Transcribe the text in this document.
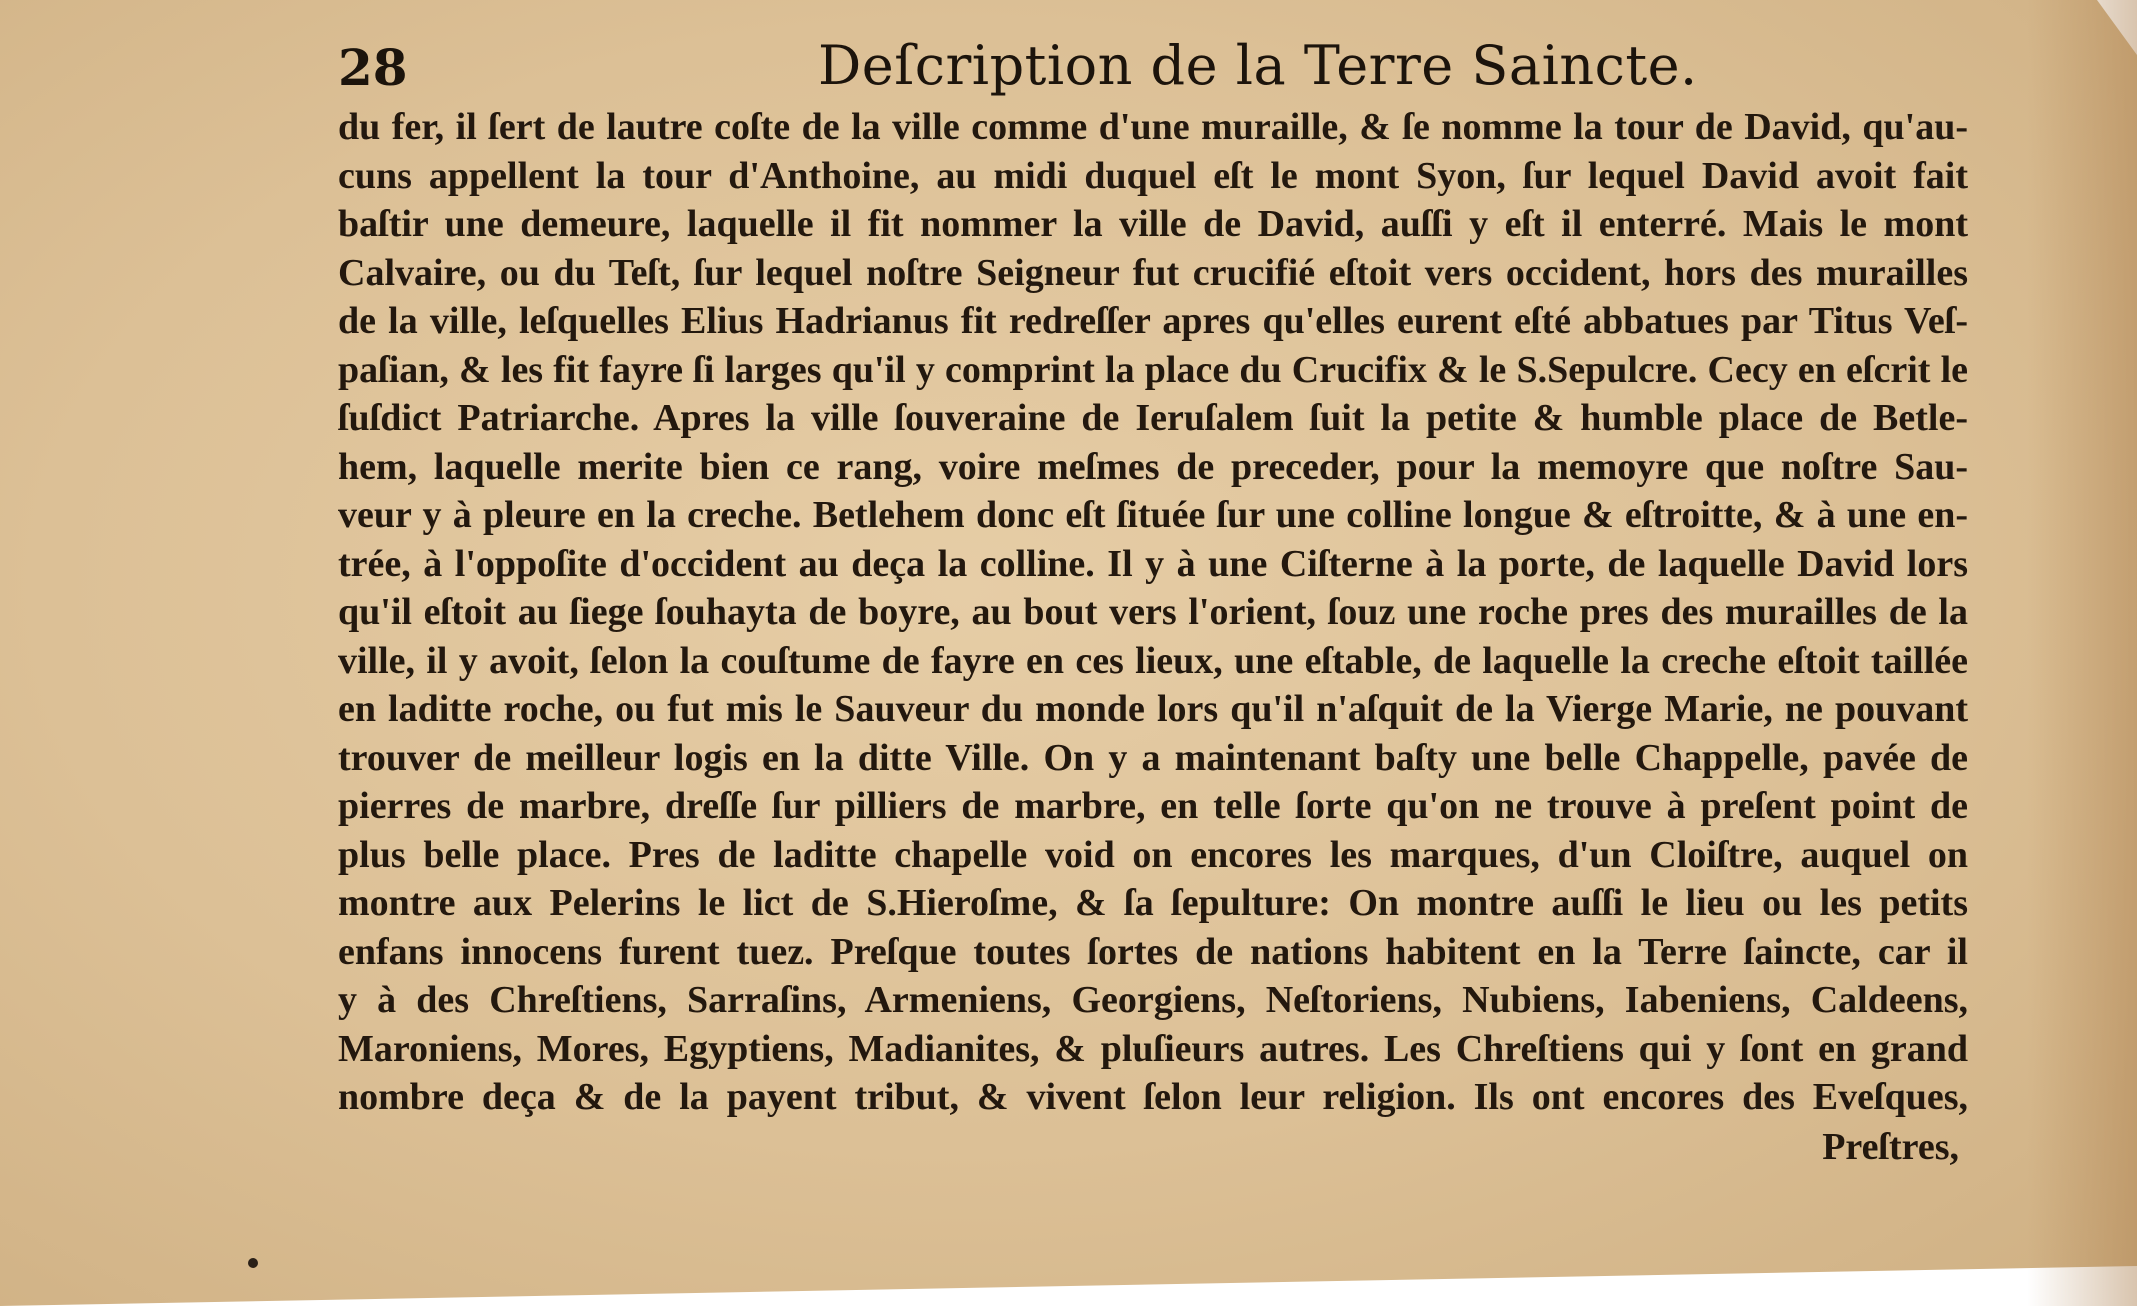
28	Deſcription de la Terre Saincte.
du fer, il ſert de lautre coſte de la ville comme d'une muraille, & ſe nomme la tour de David, qu'au-
cuns appellent la tour d'Anthoine, au midi duquel eſt le mont Syon, ſur lequel David avoit fait
baſtir une demeure, laquelle il fit nommer la ville de David, auſſi y eſt il enterré. Mais le mont
Calvaire, ou du Teſt, ſur lequel noſtre Seigneur fut crucifié eſtoit vers occident, hors des murailles
de la ville, leſquelles Elius Hadrianus fit redreſſer apres qu'elles eurent eſté abbatues par Titus Veſ-
paſian, & les fit fayre ſi larges qu'il y comprint la place du Crucifix & le S.Sepulcre. Cecy en eſcrit le
ſuſdict Patriarche. Apres la ville ſouveraine de Ieruſalem ſuit la petite & humble place de Betle-
hem, laquelle merite bien ce rang, voire meſmes de preceder, pour la memoyre que noſtre Sau-
veur y à pleure en la creche. Betlehem donc eſt ſituée ſur une colline longue & eſtroitte, & à une en-
trée, à l'oppoſite d'occident au deça la colline. Il y à une Ciſterne à la porte, de laquelle David lors
qu'il eſtoit au ſiege ſouhayta de boyre, au bout vers l'orient, ſouz une roche pres des murailles de la
ville, il y avoit, ſelon la couſtume de fayre en ces lieux, une eſtable, de laquelle la creche eſtoit taillée
en laditte roche, ou fut mis le Sauveur du monde lors qu'il n'aſquit de la Vierge Marie, ne pouvant
trouver de meilleur logis en la ditte Ville. On y a maintenant baſty une belle Chappelle, pavée de
pierres de marbre, dreſſe ſur pilliers de marbre, en telle ſorte qu'on ne trouve à preſent point de
plus belle place. Pres de laditte chapelle void on encores les marques, d'un Cloiſtre, auquel on
montre aux Pelerins le lict de S.Hieroſme, & ſa ſepulture: On montre auſſi le lieu ou les petits
enfans innocens furent tuez. Preſque toutes ſortes de nations habitent en la Terre ſaincte, car il
y à des Chreſtiens, Sarraſins, Armeniens, Georgiens, Neſtoriens, Nubiens, Iabeniens, Caldeens,
Maroniens, Mores, Egyptiens, Madianites, & pluſieurs autres. Les Chreſtiens qui y ſont en grand
nombre deça & de la payent tribut, & vivent ſelon leur religion. Ils ont encores des Eveſques,
Preſtres,
